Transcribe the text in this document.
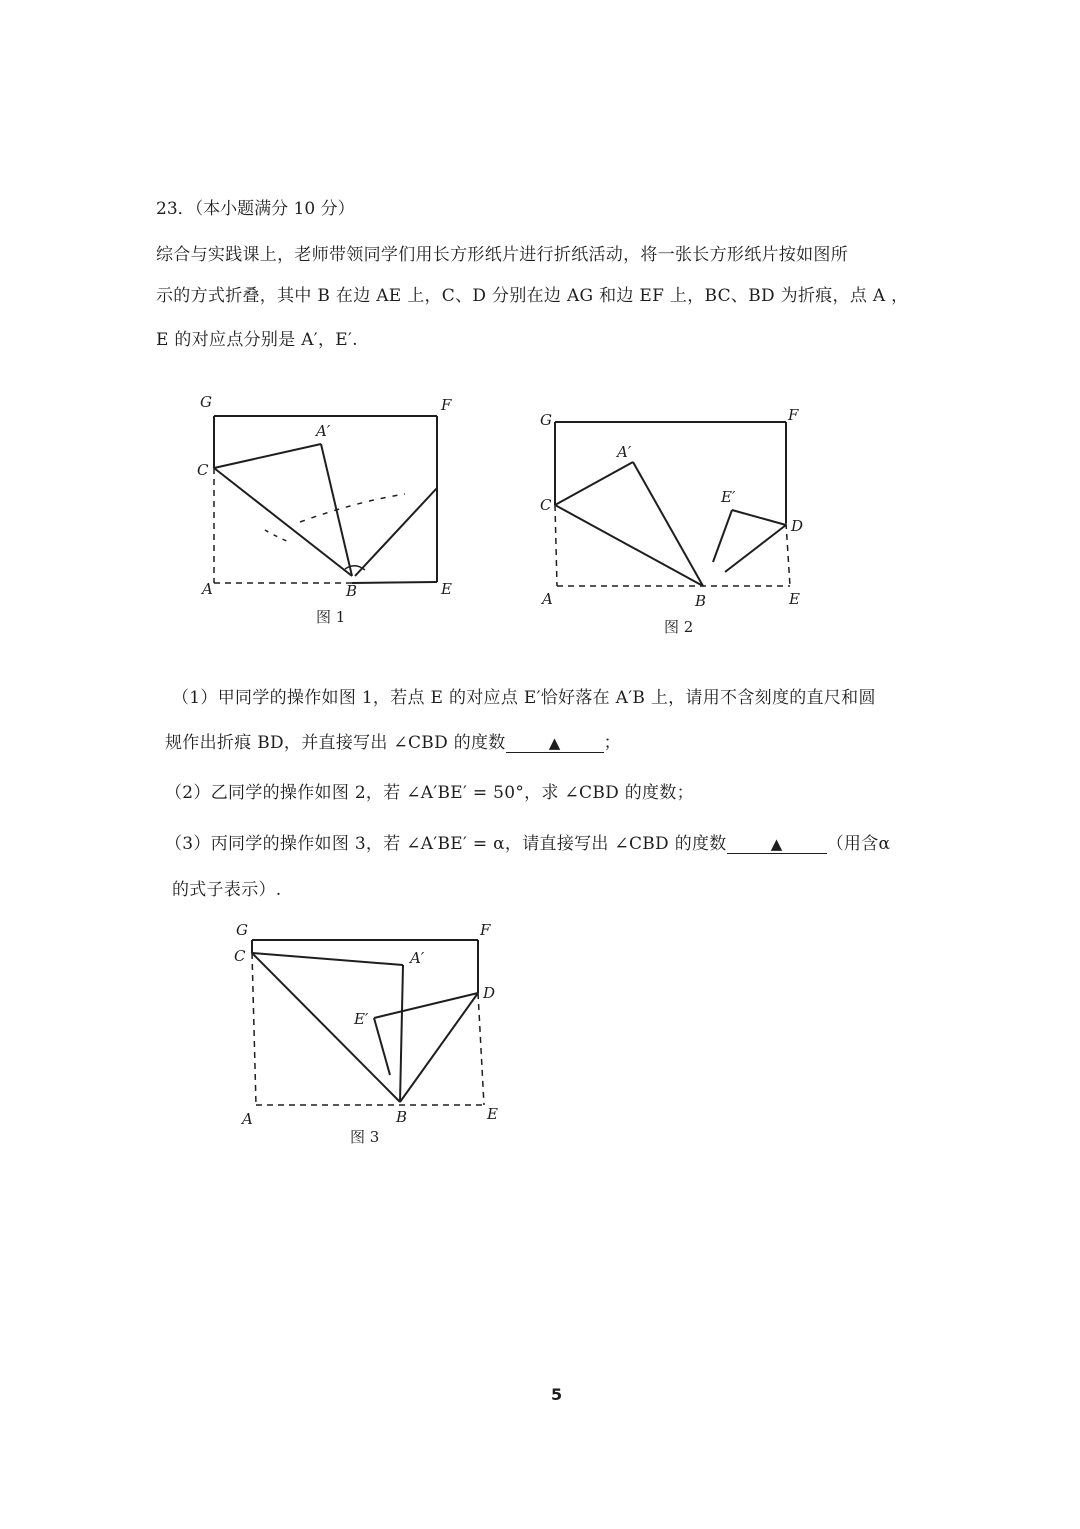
23．（本小题满分 10 分）
综合与实践课上，老师带领同学们用长方形纸片进行折纸活动，将一张长方形纸片按如图所
示的方式折叠，其中 B 在边 AE 上，C、D 分别在边 AG 和边 EF 上，BC、BD 为折痕，点 A ，
E 的对应点分别是 A′，E′.
G	F
A′
C
A	B	E
图 1
G	F
A′
C	E′
D
A	B	E
图 2
（1）甲同学的操作如图 1，若点 E 的对应点 E′恰好落在 A′B 上，请用不含刻度的直尺和圆
规作出折痕 BD，并直接写出 ∠CBD 的度数	▲	；
（2）乙同学的操作如图 2，若 ∠A′BE′ = 50°，求 ∠CBD 的度数；
（3）丙同学的操作如图 3，若 ∠A′BE′ = α，请直接写出 ∠CBD 的度数	▲	（用含α
的式子表示）.
G	F
C	A′
D
E′
A	B	E
图 3
5
